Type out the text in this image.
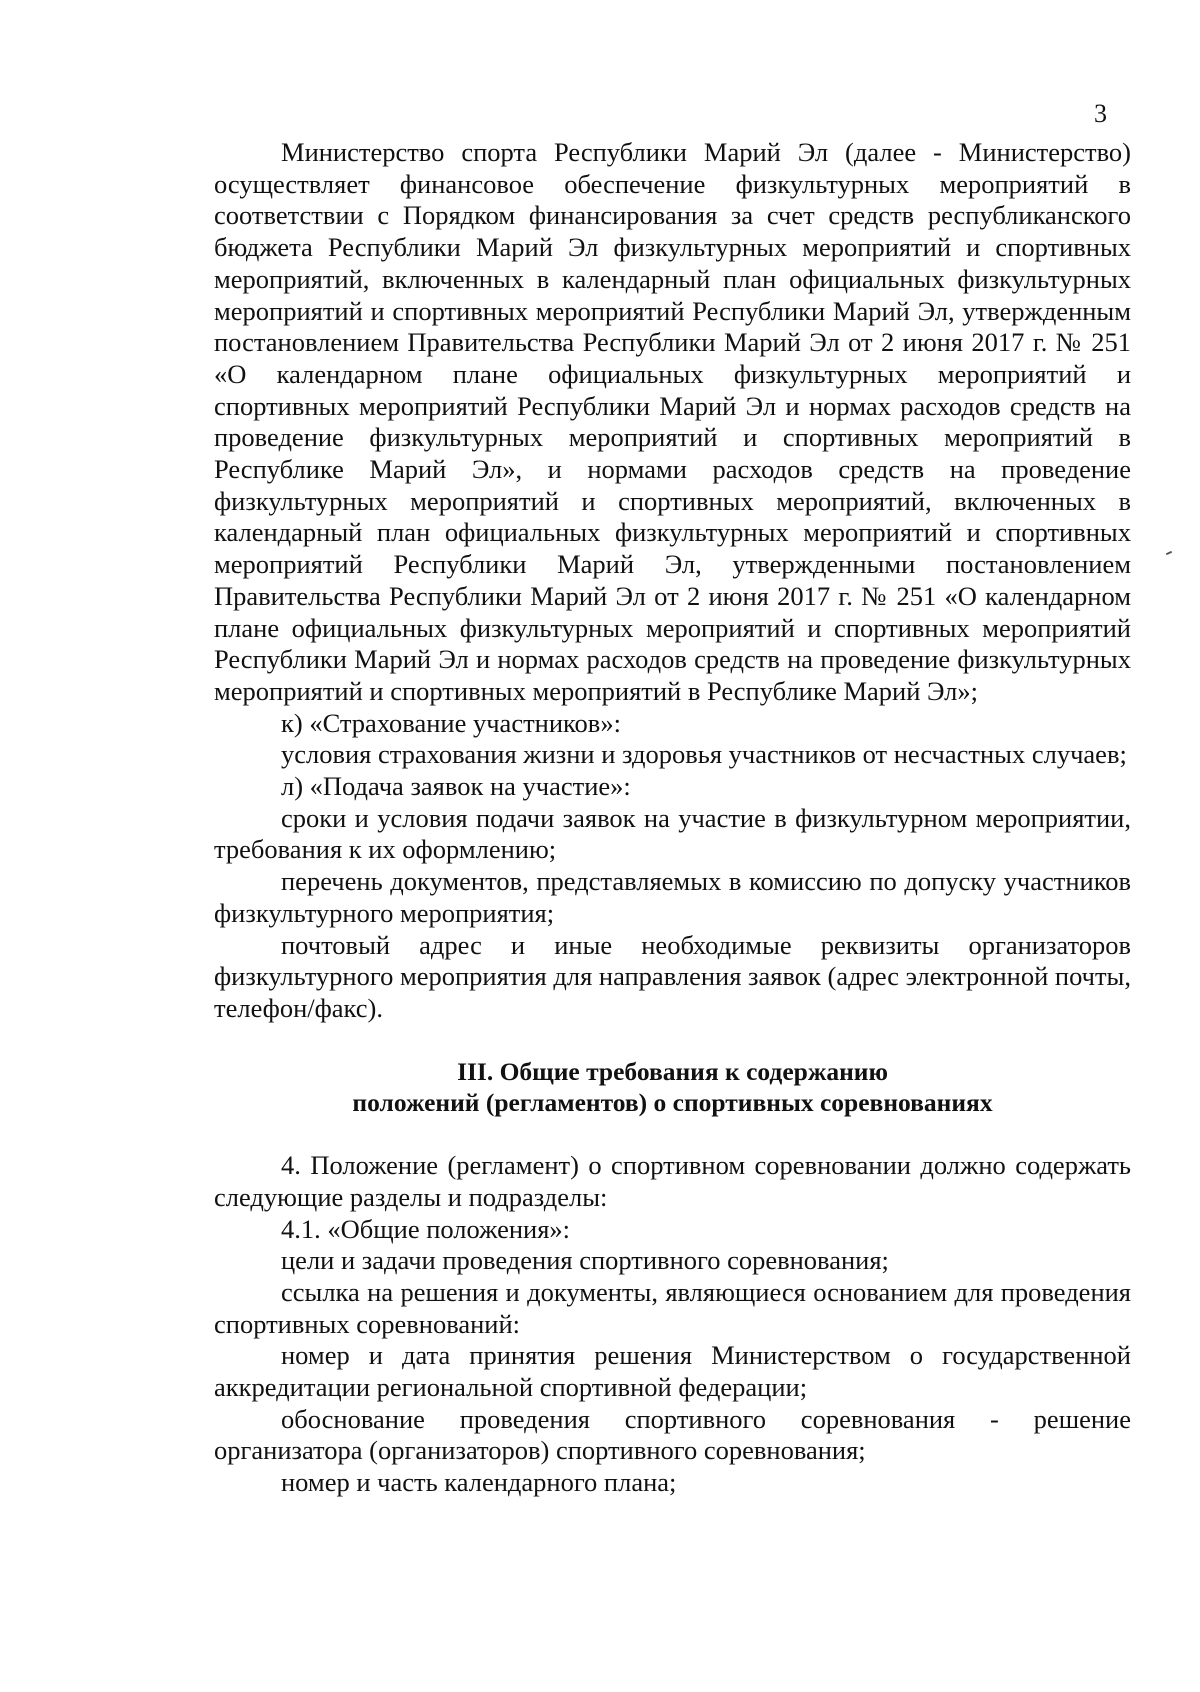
3

Министерство спорта Республики Марий Эл (далее - Министерство) осуществляет финансовое обеспечение физкультурных мероприятий в соответствии с Порядком финансирования за счет средств республиканского бюджета Республики Марий Эл физкультурных мероприятий и спортивных мероприятий, включенных в календарный план официальных физкультурных мероприятий и спортивных мероприятий Республики Марий Эл, утвержденным постановлением Правительства Республики Марий Эл от 2 июня 2017 г. № 251 «О календарном плане официальных физкультурных мероприятий и спортивных мероприятий Республики Марий Эл и нормах расходов средств на проведение физкультурных мероприятий и спортивных мероприятий в Республике Марий Эл», и нормами расходов средств на проведение физкультурных мероприятий и спортивных мероприятий, включенных в календарный план официальных физкультурных мероприятий и спортивных мероприятий Республики Марий Эл, утвержденными постановлением Правительства Республики Марий Эл от 2 июня 2017 г. № 251 «О календарном плане официальных физкультурных мероприятий и спортивных мероприятий Республики Марий Эл и нормах расходов средств на проведение физкультурных мероприятий и спортивных мероприятий в Республике Марий Эл»;

к) «Страхование участников»:

условия страхования жизни и здоровья участников от несчастных случаев;

л) «Подача заявок на участие»:

сроки и условия подачи заявок на участие в физкультурном мероприятии, требования к их оформлению;

перечень документов, представляемых в комиссию по допуску участников физкультурного мероприятия;

почтовый адрес и иные необходимые реквизиты организаторов физкультурного мероприятия для направления заявок (адрес электронной почты, телефон/факс).

III. Общие требования к содержанию

положений (регламентов) о спортивных соревнованиях

4. Положение (регламент) о спортивном соревновании должно содержать следующие разделы и подразделы:

4.1. «Общие положения»:

цели и задачи проведения спортивного соревнования;

ссылка на решения и документы, являющиеся основанием для проведения спортивных соревнований:

номер и дата принятия решения Министерством о государственной аккредитации региональной спортивной федерации;

обоснование проведения спортивного соревнования - решение организатора (организаторов) спортивного соревнования;

номер и часть календарного плана;
